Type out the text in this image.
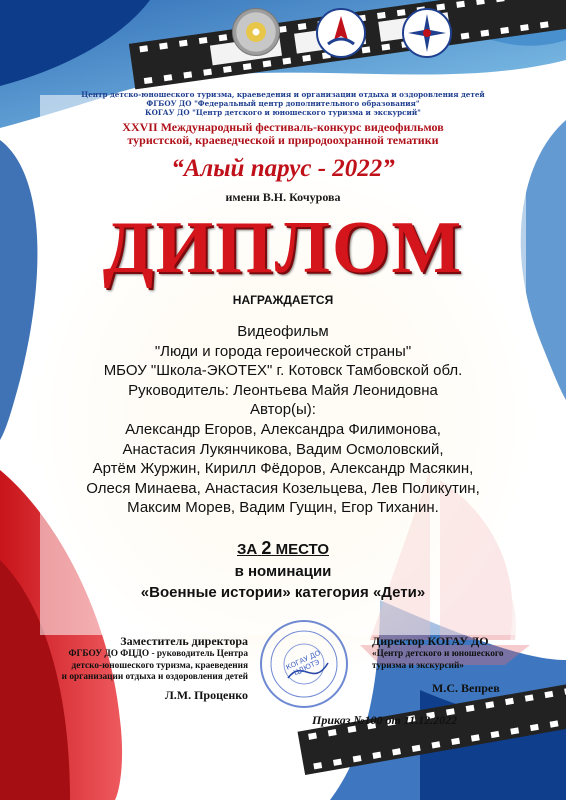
Центр детско-юношеского туризма, краеведения и организации отдыха и оздоровления детей
ФГБОУ ДО "Федеральный центр дополнительного образования"
КОГАУ ДО "Центр детского и юношеского туризма и экскурсий"
XXVII Международный фестиваль-конкурс видеофильмов
туристской, краеведческой и природоохранной тематики
“Алый парус - 2022”
имени В.Н. Кочурова
ДИПЛОМ
НАГРАЖДАЕТСЯ
Видеофильм
"Люди и города героической страны"
МБОУ "Школа-ЭКОТЕХ" г. Котовск Тамбовской обл.
Руководитель: Леонтьева Майя Леонидовна
Автор(ы):
Александр Егоров, Александра Филимонова,
Анастасия Лукянчикова, Вадим Осмоловский,
Артём Журжин, Кирилл Фёдоров, Александр Масякин,
Олеся Минаева, Анастасия Козельцева, Лев Поликутин,
Максим Морев, Вадим Гущин, Егор Тиханин.
ЗА 2 МЕСТО
в номинации
«Военные истории» категория «Дети»
Заместитель директора
ФГБОУ ДО ФЦДО - руководитель Центра
детско-юношеского туризма, краеведения
и организации отдыха и оздоровления детей
Л.М. Проценко
КОГАУ ДО ЦДЮТЭ
Директор КОГАУ ДО
«Центр детского и юношеского
туризма и экскурсий»
М.С. Вепрев
Приказ №100 от 11.12.2022
